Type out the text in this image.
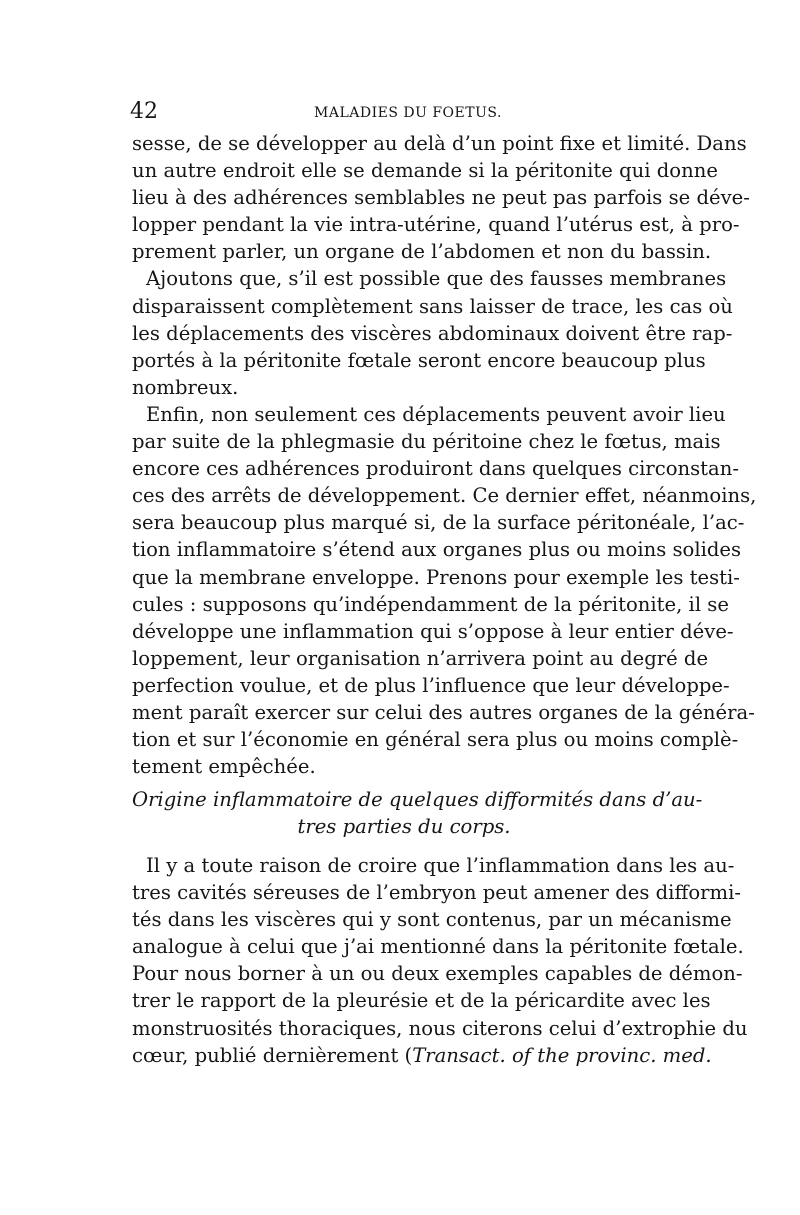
42	MALADIES DU FOETUS.
sesse, de se développer au delà d’un point fixe et limité. Dans
un autre endroit elle se demande si la péritonite qui donne
lieu à des adhérences semblables ne peut pas parfois se déve-
lopper pendant la vie intra-utérine, quand l’utérus est, à pro-
prement parler, un organe de l’abdomen et non du bassin.
Ajoutons que, s’il est possible que des fausses membranes
disparaissent complètement sans laisser de trace, les cas où
les déplacements des viscères abdominaux doivent être rap-
portés à la péritonite fœtale seront encore beaucoup plus
nombreux.
Enfin, non seulement ces déplacements peuvent avoir lieu
par suite de la phlegmasie du péritoine chez le fœtus, mais
encore ces adhérences produiront dans quelques circonstan-
ces des arrêts de développement. Ce dernier effet, néanmoins,
sera beaucoup plus marqué si, de la surface péritonéale, l’ac-
tion inflammatoire s’étend aux organes plus ou moins solides
que la membrane enveloppe. Prenons pour exemple les testi-
cules : supposons qu’indépendamment de la péritonite, il se
développe une inflammation qui s’oppose à leur entier déve-
loppement, leur organisation n’arrivera point au degré de
perfection voulue, et de plus l’influence que leur développe-
ment paraît exercer sur celui des autres organes de la généra-
tion et sur l’économie en général sera plus ou moins complè-
tement empêchée.
Origine inflammatoire de quelques difformités dans d’au-
tres parties du corps.
Il y a toute raison de croire que l’inflammation dans les au-
tres cavités séreuses de l’embryon peut amener des difformi-
tés dans les viscères qui y sont contenus, par un mécanisme
analogue à celui que j’ai mentionné dans la péritonite fœtale.
Pour nous borner à un ou deux exemples capables de démon-
trer le rapport de la pleurésie et de la péricardite avec les
monstruosités thoraciques, nous citerons celui d’extrophie du
cœur, publié dernièrement (Transact. of the provinc. med.
